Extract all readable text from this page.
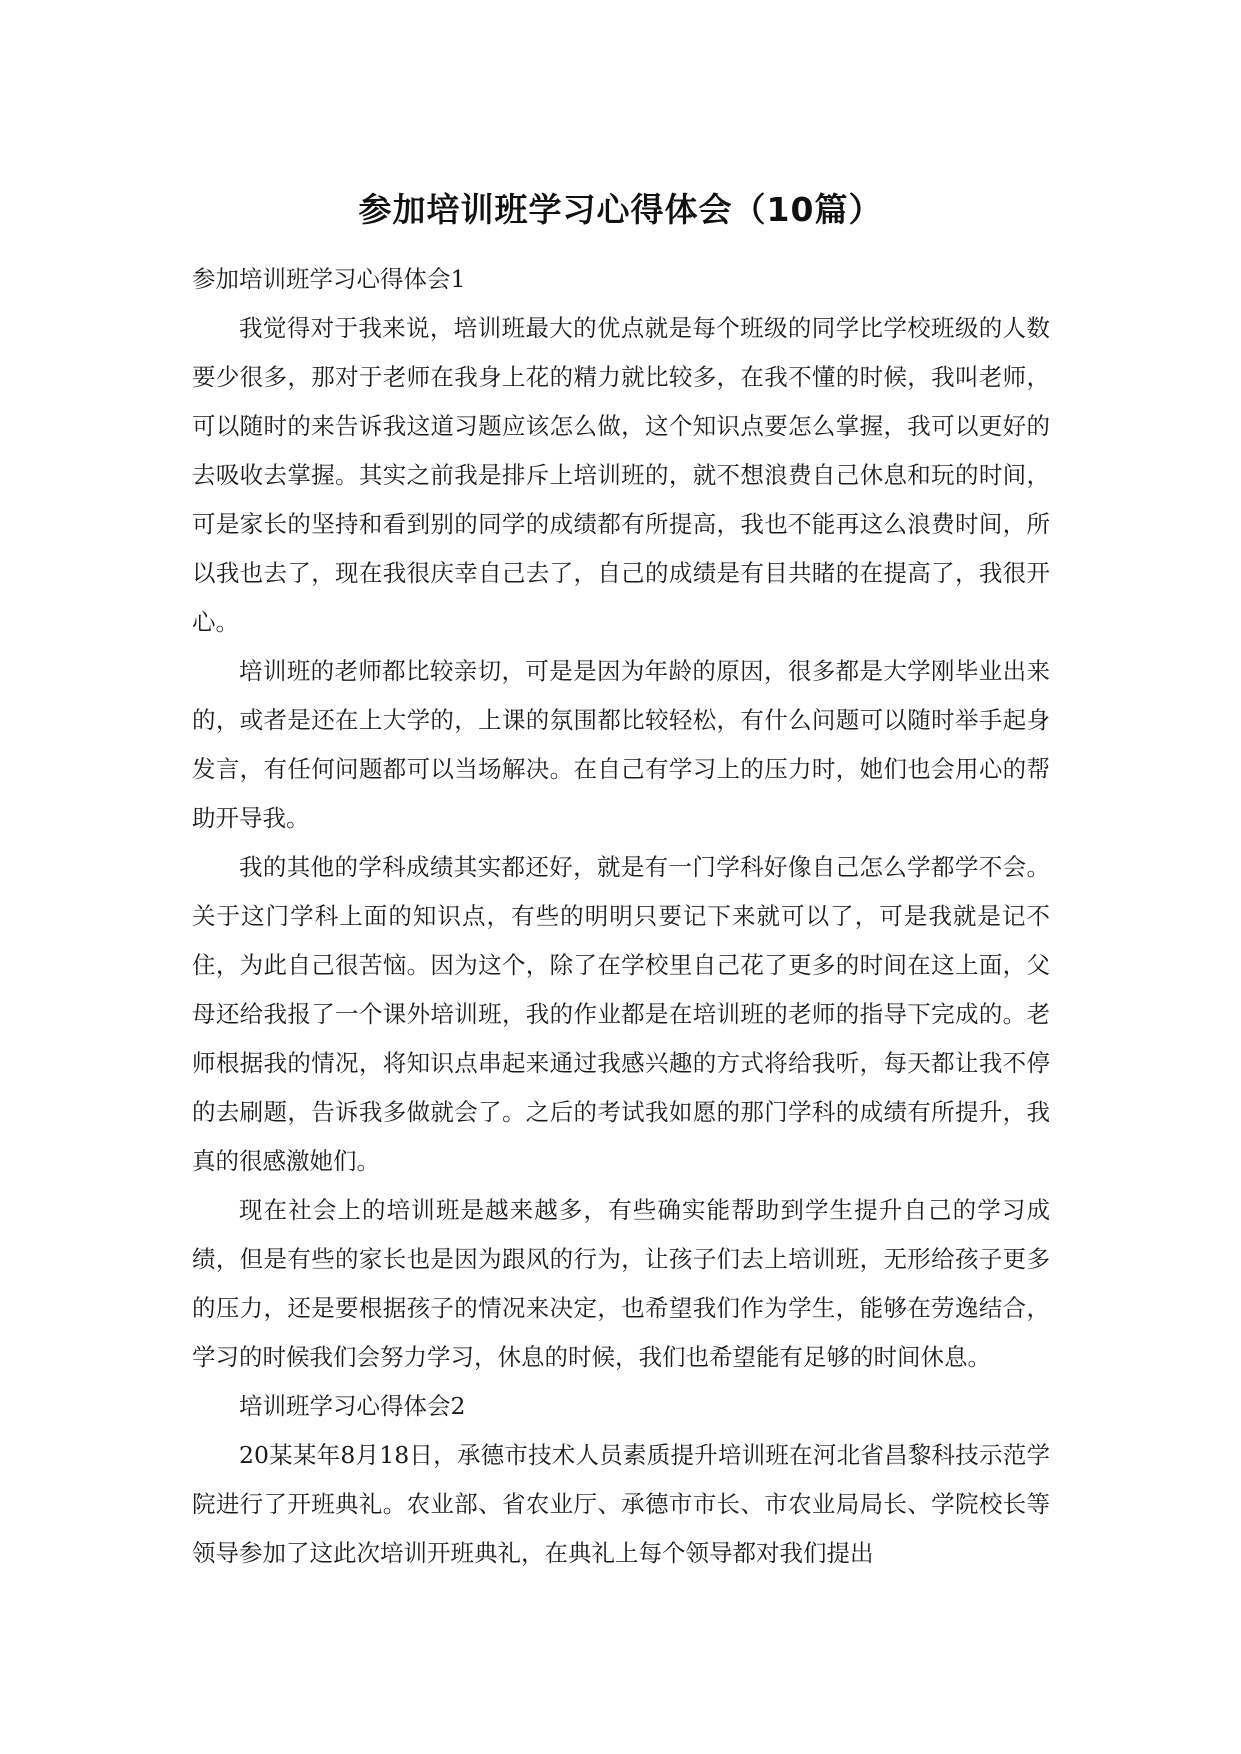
参加培训班学习心得体会（10篇）

参加培训班学习心得体会1

我觉得对于我来说，培训班最大的优点就是每个班级的同学比学校班级的人数要少很多，那对于老师在我身上花的精力就比较多，在我不懂的时候，我叫老师，可以随时的来告诉我这道习题应该怎么做，这个知识点要怎么掌握，我可以更好的去吸收去掌握。其实之前我是排斥上培训班的，就不想浪费自己休息和玩的时间，可是家长的坚持和看到别的同学的成绩都有所提高，我也不能再这么浪费时间，所以我也去了，现在我很庆幸自己去了，自己的成绩是有目共睹的在提高了，我很开心。

培训班的老师都比较亲切，可是是因为年龄的原因，很多都是大学刚毕业出来的，或者是还在上大学的，上课的氛围都比较轻松，有什么问题可以随时举手起身发言，有任何问题都可以当场解决。在自己有学习上的压力时，她们也会用心的帮助开导我。

我的其他的学科成绩其实都还好，就是有一门学科好像自己怎么学都学不会。关于这门学科上面的知识点，有些的明明只要记下来就可以了，可是我就是记不住，为此自己很苦恼。因为这个，除了在学校里自己花了更多的时间在这上面，父母还给我报了一个课外培训班，我的作业都是在培训班的老师的指导下完成的。老师根据我的情况，将知识点串起来通过我感兴趣的方式将给我听，每天都让我不停的去刷题，告诉我多做就会了。之后的考试我如愿的那门学科的成绩有所提升，我真的很感激她们。

现在社会上的培训班是越来越多，有些确实能帮助到学生提升自己的学习成绩，但是有些的家长也是因为跟风的行为，让孩子们去上培训班，无形给孩子更多的压力，还是要根据孩子的情况来决定，也希望我们作为学生，能够在劳逸结合，学习的时候我们会努力学习，休息的时候，我们也希望能有足够的时间休息。

培训班学习心得体会2

20某某年8月18日，承德市技术人员素质提升培训班在河北省昌黎科技示范学院进行了开班典礼。农业部、省农业厅、承德市市长、市农业局局长、学院校长等领导参加了这此次培训开班典礼，在典礼上每个领导都对我们提出
